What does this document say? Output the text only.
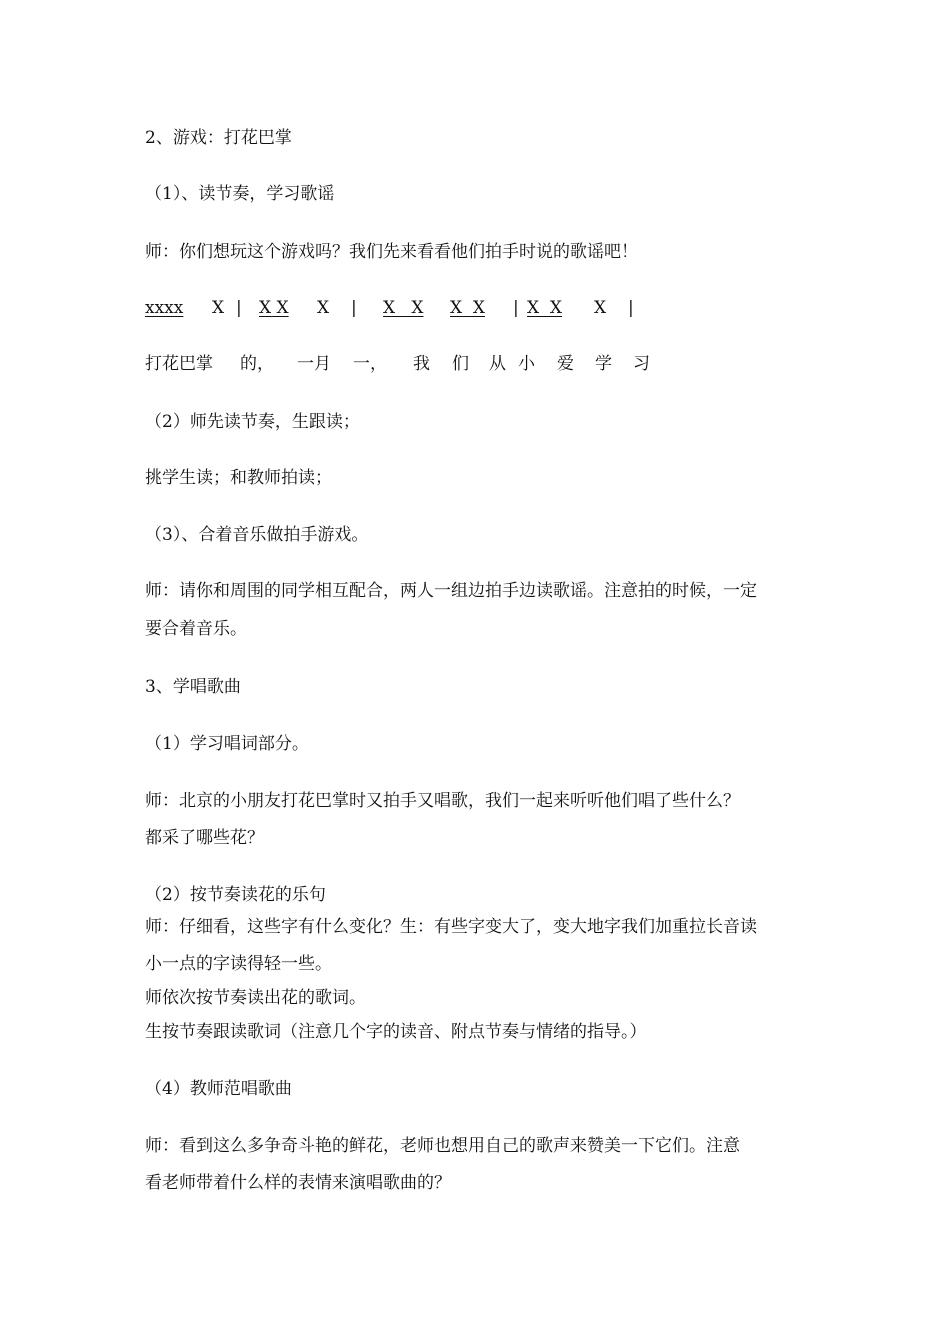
2、游戏：打花巴掌

（1）、读节奏，学习歌谣

师：你们想玩这个游戏吗？我们先来看看他们拍手时说的歌谣吧！

xxxx X | X X X | X   X X  X | X  X X |
打花巴掌 的， 一月 一， 我 们 从 小 爱 学 习

（2）师先读节奏，生跟读；

挑学生读；和教师拍读；

（3）、合着音乐做拍手游戏。

师：请你和周围的同学相互配合，两人一组边拍手边读歌谣。注意拍的时候，一定

要合着音乐。

3、学唱歌曲

（1）学习唱词部分。

师：北京的小朋友打花巴掌时又拍手又唱歌，我们一起来听听他们唱了些什么？

都采了哪些花？

（2）按节奏读花的乐句

师：仔细看，这些字有什么变化？生：有些字变大了，变大地字我们加重拉长音读

小一点的字读得轻一些。

师依次按节奏读出花的歌词。

生按节奏跟读歌词（注意几个字的读音、附点节奏与情绪的指导。）

（4）教师范唱歌曲

师：看到这么多争奇斗艳的鲜花，老师也想用自己的歌声来赞美一下它们。注意

看老师带着什么样的表情来演唱歌曲的？
